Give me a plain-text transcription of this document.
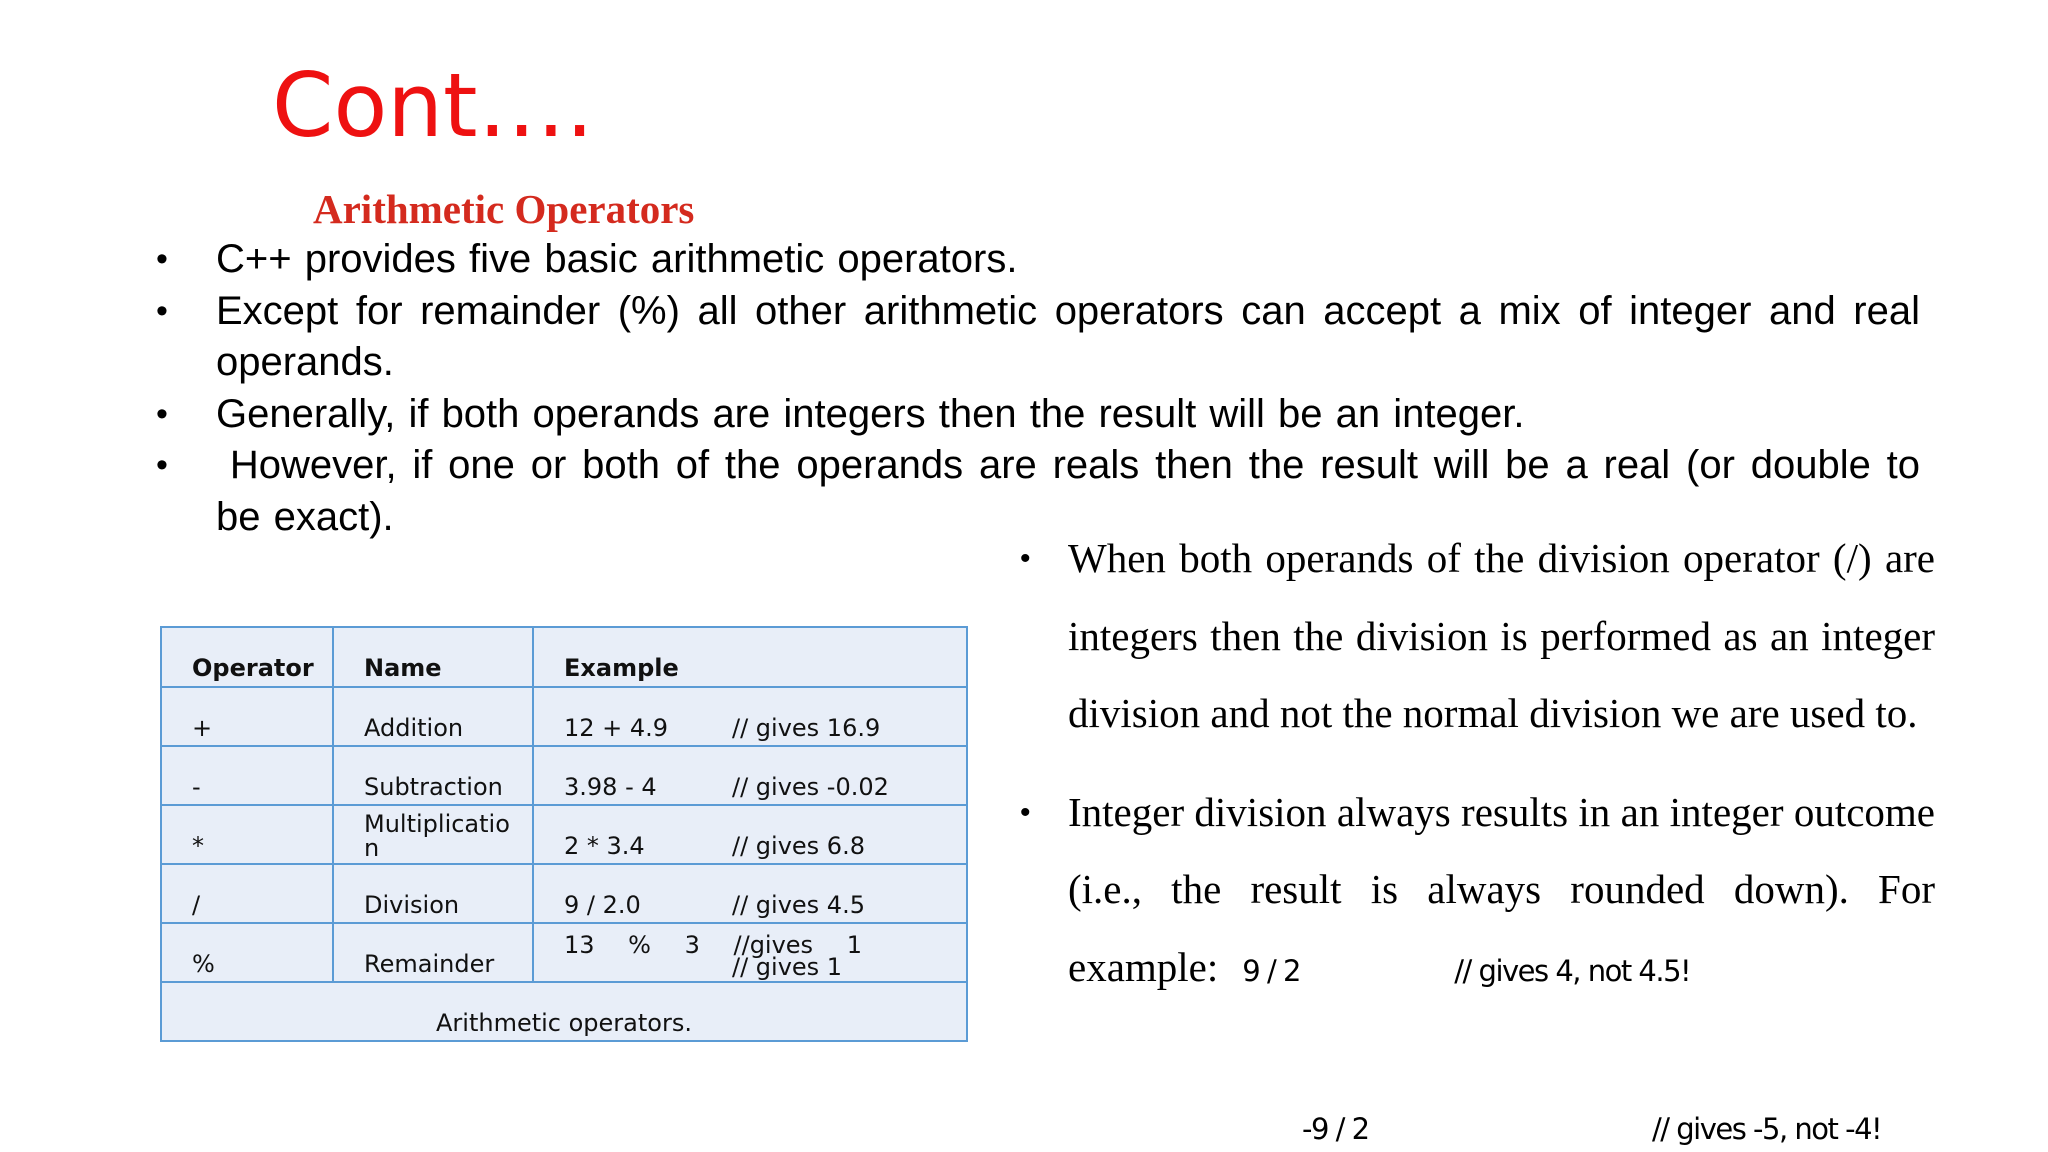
Cont….
Arithmetic Operators
• C++ provides five basic arithmetic operators.
• Except for remainder (%) all other arithmetic operators can accept a mix of integer and real operands.
• Generally, if both operands are integers then the result will be an integer.
• However, if one or both of the operands are reals then the result will be a real (or double to be exact).
Operator	Name	Example
+	Addition	12 + 4.9 // gives 16.9
-	Subtraction	3.98 - 4 // gives -0.02
*	Multiplication	2 * 3.4 // gives 6.8
/	Division	9 / 2.0 // gives 4.5
%	Remainder	13 % 3 //gives 1
// gives 1

Arithmetic operators.		

• When both operands of the division operator (/) are integers then the division is performed as an integer division and not the normal division we are used to.

• Integer division always results in an integer outcome (i.e., the result is always rounded down). For example: 9 / 2	// gives 4, not 4.5!

-9 / 2	// gives -5, not -4!
